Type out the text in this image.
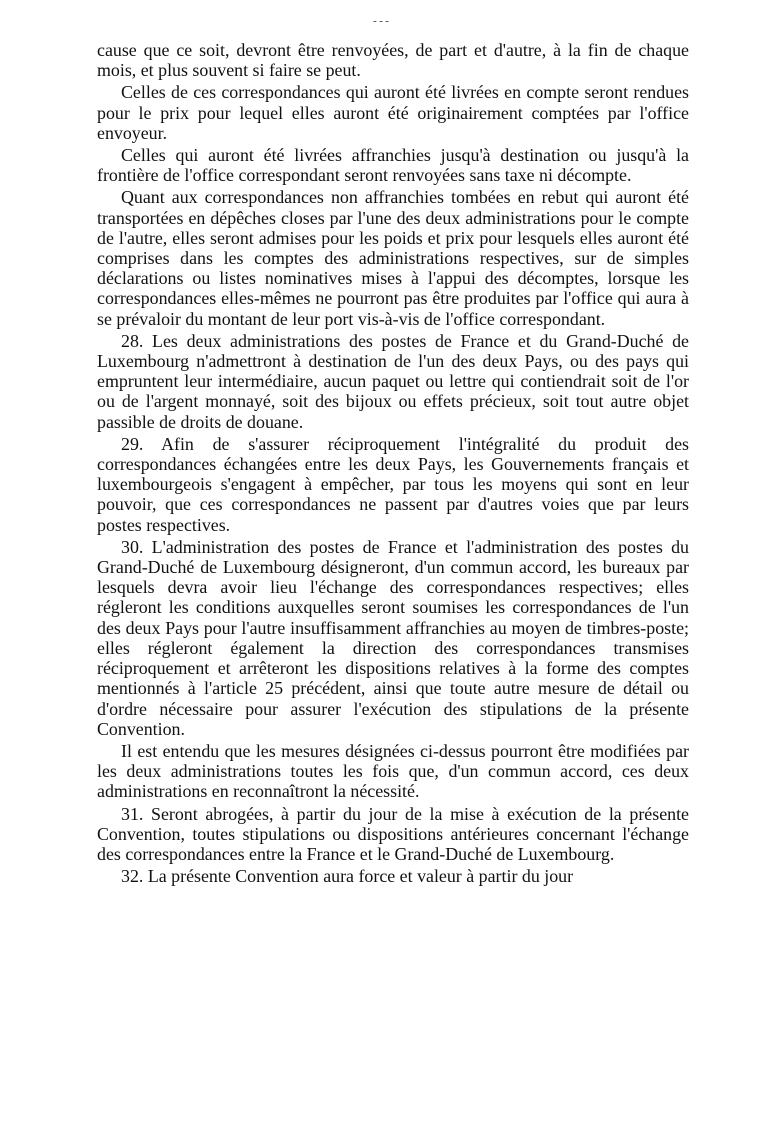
---

cause que ce soit, devront être renvoyées, de part et d'autre, à la fin de chaque mois, et plus souvent si faire se peut.

Celles de ces correspondances qui auront été livrées en compte seront rendues pour le prix pour lequel elles auront été originairement comptées par l'office envoyeur.

Celles qui auront été livrées affranchies jusqu'à destination ou jusqu'à la frontière de l'office correspondant seront renvoyées sans taxe ni décompte.

Quant aux correspondances non affranchies tombées en rebut qui auront été transportées en dépêches closes par l'une des deux administrations pour le compte de l'autre, elles seront admises pour les poids et prix pour lesquels elles auront été comprises dans les comptes des administrations respectives, sur de simples déclarations ou listes nominatives mises à l'appui des décomptes, lorsque les correspondances elles-mêmes ne pourront pas être produites par l'office qui aura à se prévaloir du montant de leur port vis-à-vis de l'office correspondant.

28. Les deux administrations des postes de France et du Grand-Duché de Luxembourg n'admettront à destination de l'un des deux Pays, ou des pays qui empruntent leur intermédiaire, aucun paquet ou lettre qui contiendrait soit de l'or ou de l'argent monnayé, soit des bijoux ou effets précieux, soit tout autre objet passible de droits de douane.

29. Afin de s'assurer réciproquement l'intégralité du produit des correspondances échangées entre les deux Pays, les Gouvernements français et luxembourgeois s'engagent à empêcher, par tous les moyens qui sont en leur pouvoir, que ces correspondances ne passent par d'autres voies que par leurs postes respectives.

30. L'administration des postes de France et l'administration des postes du Grand-Duché de Luxembourg désigneront, d'un commun accord, les bureaux par lesquels devra avoir lieu l'échange des correspondances respectives; elles régleront les conditions auxquelles seront soumises les correspondances de l'un des deux Pays pour l'autre insuffisamment affranchies au moyen de timbres-poste; elles régleront également la direction des correspondances transmises réciproquement et arrêteront les dispositions relatives à la forme des comptes mentionnés à l'article 25 précédent, ainsi que toute autre mesure de détail ou d'ordre nécessaire pour assurer l'exécution des stipulations de la présente Convention.

Il est entendu que les mesures désignées ci-dessus pourront être modifiées par les deux administrations toutes les fois que, d'un commun accord, ces deux administrations en reconnaîtront la nécessité.

31. Seront abrogées, à partir du jour de la mise à exécution de la présente Convention, toutes stipulations ou dispositions antérieures concernant l'échange des correspondances entre la France et le Grand-Duché de Luxembourg.

32. La présente Convention aura force et valeur à partir du jour
